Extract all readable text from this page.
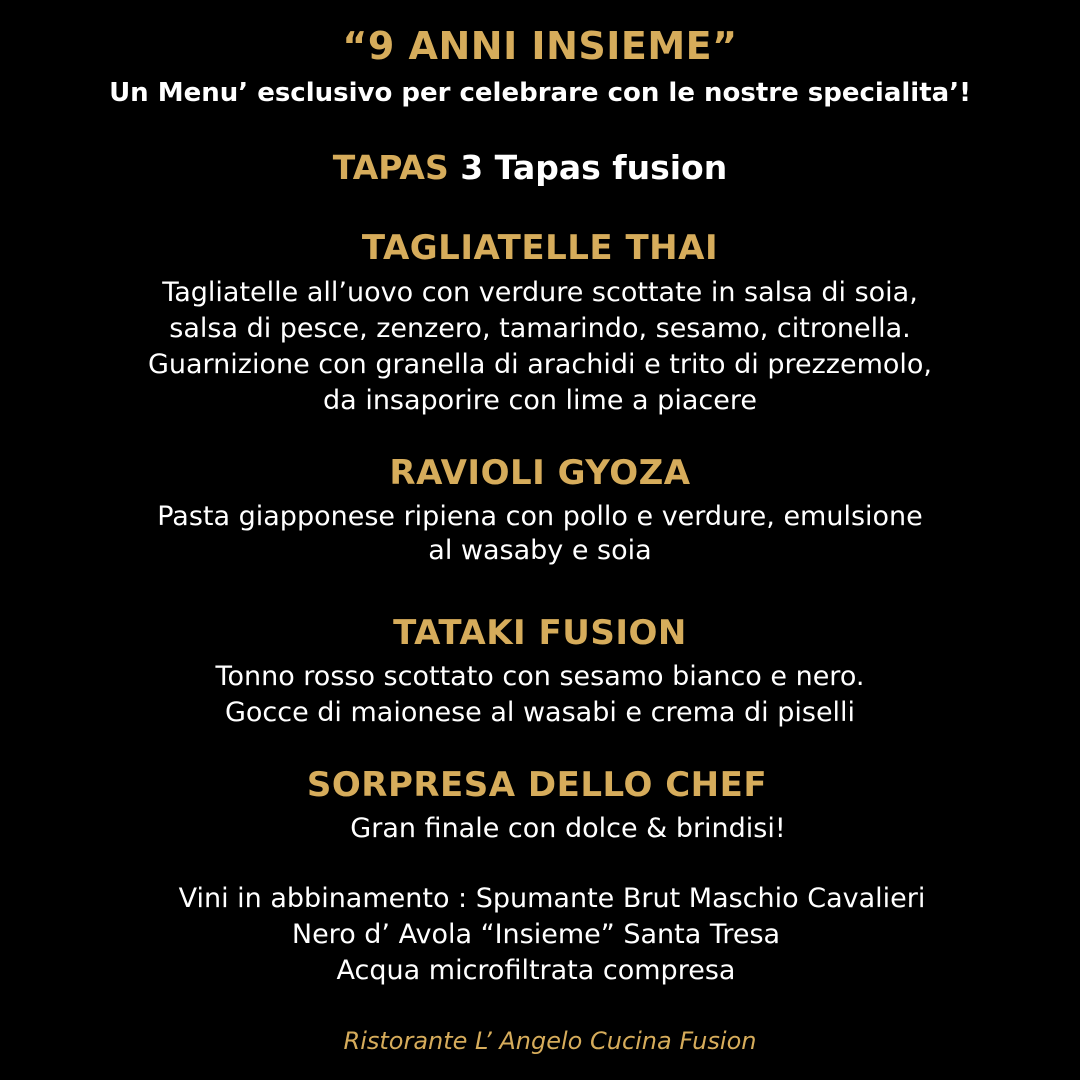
“9 ANNI INSIEME”
Un Menu’ esclusivo per celebrare con le nostre specialita’!
TAPAS 3 Tapas fusion
TAGLIATELLE THAI
Tagliatelle all’uovo con verdure scottate in salsa di soia,
salsa di pesce, zenzero, tamarindo, sesamo, citronella.
Guarnizione con granella di arachidi e trito di prezzemolo,
da insaporire con lime a piacere
RAVIOLI GYOZA
Pasta giapponese ripiena con pollo e verdure, emulsione
al wasaby e soia
TATAKI FUSION
Tonno rosso scottato con sesamo bianco e nero.
Gocce di maionese al wasabi e crema di piselli
SORPRESA DELLO CHEF
Gran finale con dolce & brindisi!
Vini in abbinamento : Spumante Brut Maschio Cavalieri
Nero d’ Avola “Insieme” Santa Tresa
Acqua microfiltrata compresa
Ristorante L’ Angelo Cucina Fusion
